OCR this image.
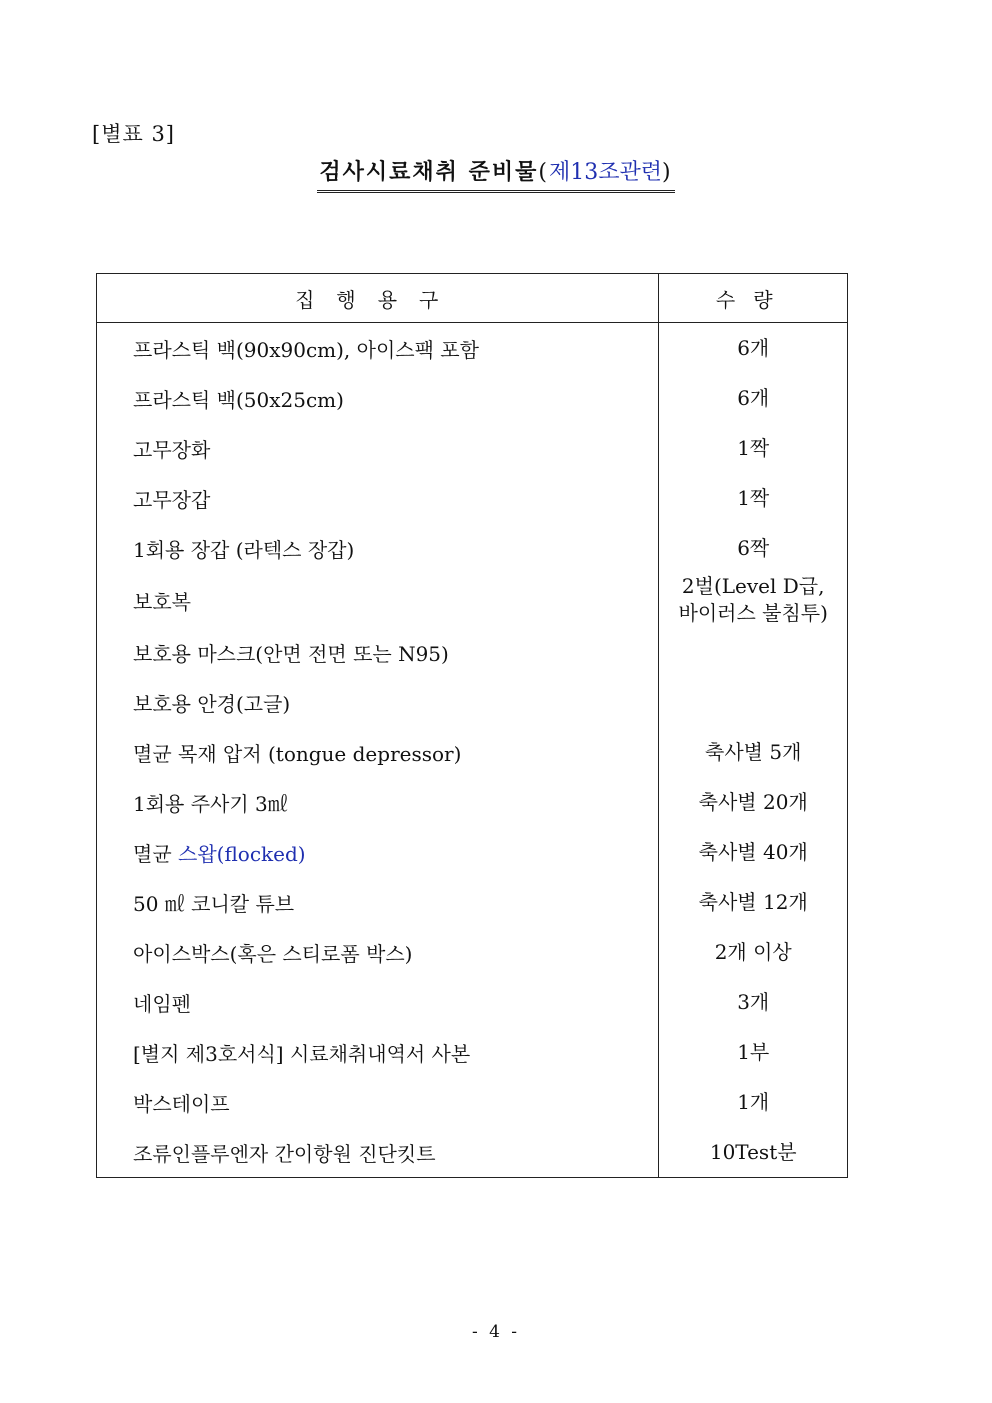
[별표 3]
검사시료채취 준비물(제13조관련)
집행용구	수량
프라스틱 백(90x90cm), 아이스팩 포함	6개
프라스틱 백(50x25cm)	6개
고무장화	1짝
고무장갑	1짝
1회용 장갑 (라텍스 장갑)	6짝
보호복	2벌(Level D급,
바이러스 불침투)

보호용 마스크(안면 전면 또는 N95)	
보호용 안경(고글)	
멸균 목재 압저 (tongue depressor)	축사별 5개
1회용 주사기 3㎖	축사별 20개
멸균 스왑(flocked)	축사별 40개
50 ㎖ 코니칼 튜브	축사별 12개
아이스박스(혹은 스티로폼 박스)	2개 이상
네임펜	3개
[별지 제3호서식] 시료채취내역서 사본	1부
박스테이프	1개
조류인플루엔자 간이항원 진단킷트	10Test분
- 4 -
